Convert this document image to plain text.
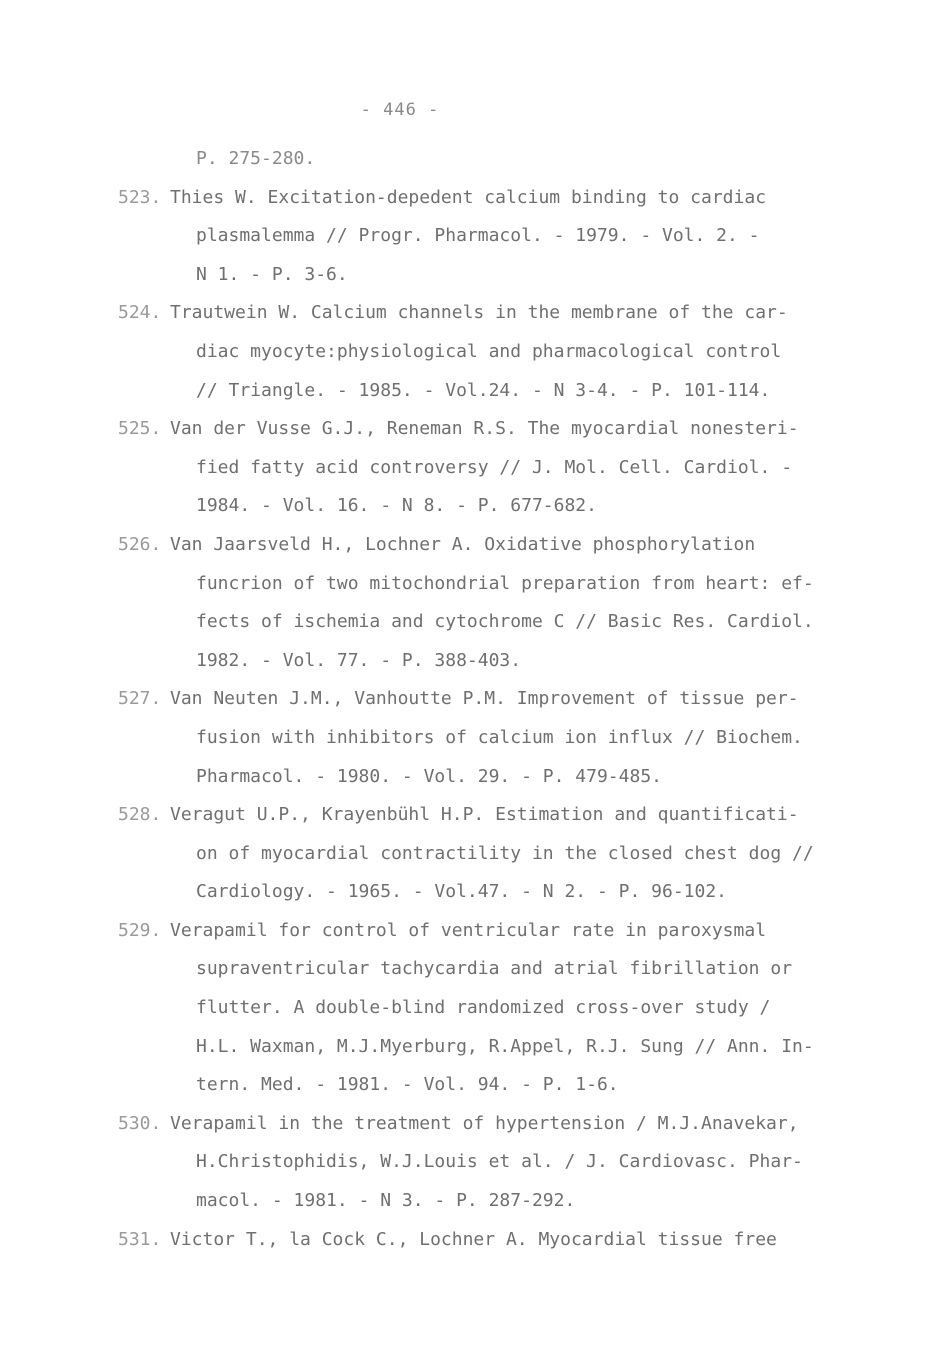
- 446 -
Р. 275-280.
523. Thies W. Excitation-depedent calcium binding to cardiac
plasmalemma // Progr. Pharmacol. - 1979. - Vol. 2. -
N 1. - P. 3-6.
524. Trautwein W. Calcium channels in the membrane of the car-
diac myocyte:physiological and pharmacological control
// Triangle. - 1985. - Vol.24. - N 3-4. - P. 101-114.
525. Van der Vusse G.J., Reneman R.S. The myocardial nonesteri-
fied fatty acid controversy // J. Mol. Cell. Cardiol. -
1984. - Vol. 16. - N 8. - P. 677-682.
526. Van Jaarsveld H., Lochner A. Oxidative phosphorylation
funcrion of two mitochondrial preparation from heart: ef-
fects of ischemia and cytochrome C // Basic Res. Cardiol.
1982. - Vol. 77. - P. 388-403.
527. Van Neuten J.M., Vanhoutte P.M. Improvement of tissue per-
fusion with inhibitors of calcium ion influx // Biochem.
Pharmacol. - 1980. - Vol. 29. - P. 479-485.
528. Veragut U.P., Krayenbühl H.P. Estimation and quantificati-
on of myocardial contractility in the closed chest dog //
Cardiology. - 1965. - Vol.47. - N 2. - P. 96-102.
529. Verapamil for control of ventricular rate in paroxysmal
supraventricular tachycardia and atrial fibrillation or
flutter. A double-blind randomized cross-over study /
H.L. Waxman, M.J.Myerburg, R.Appel, R.J. Sung // Ann. In-
tern. Med. - 1981. - Vol. 94. - P. 1-6.
530. Verapamil in the treatment of hypertension / M.J.Anavekar,
H.Christophidis, W.J.Louis et al. / J. Cardiovasc. Phar-
macol. - 1981. - N 3. - P. 287-292.
531. Victor T., la Cock C., Lochner A. Myocardial tissue free
